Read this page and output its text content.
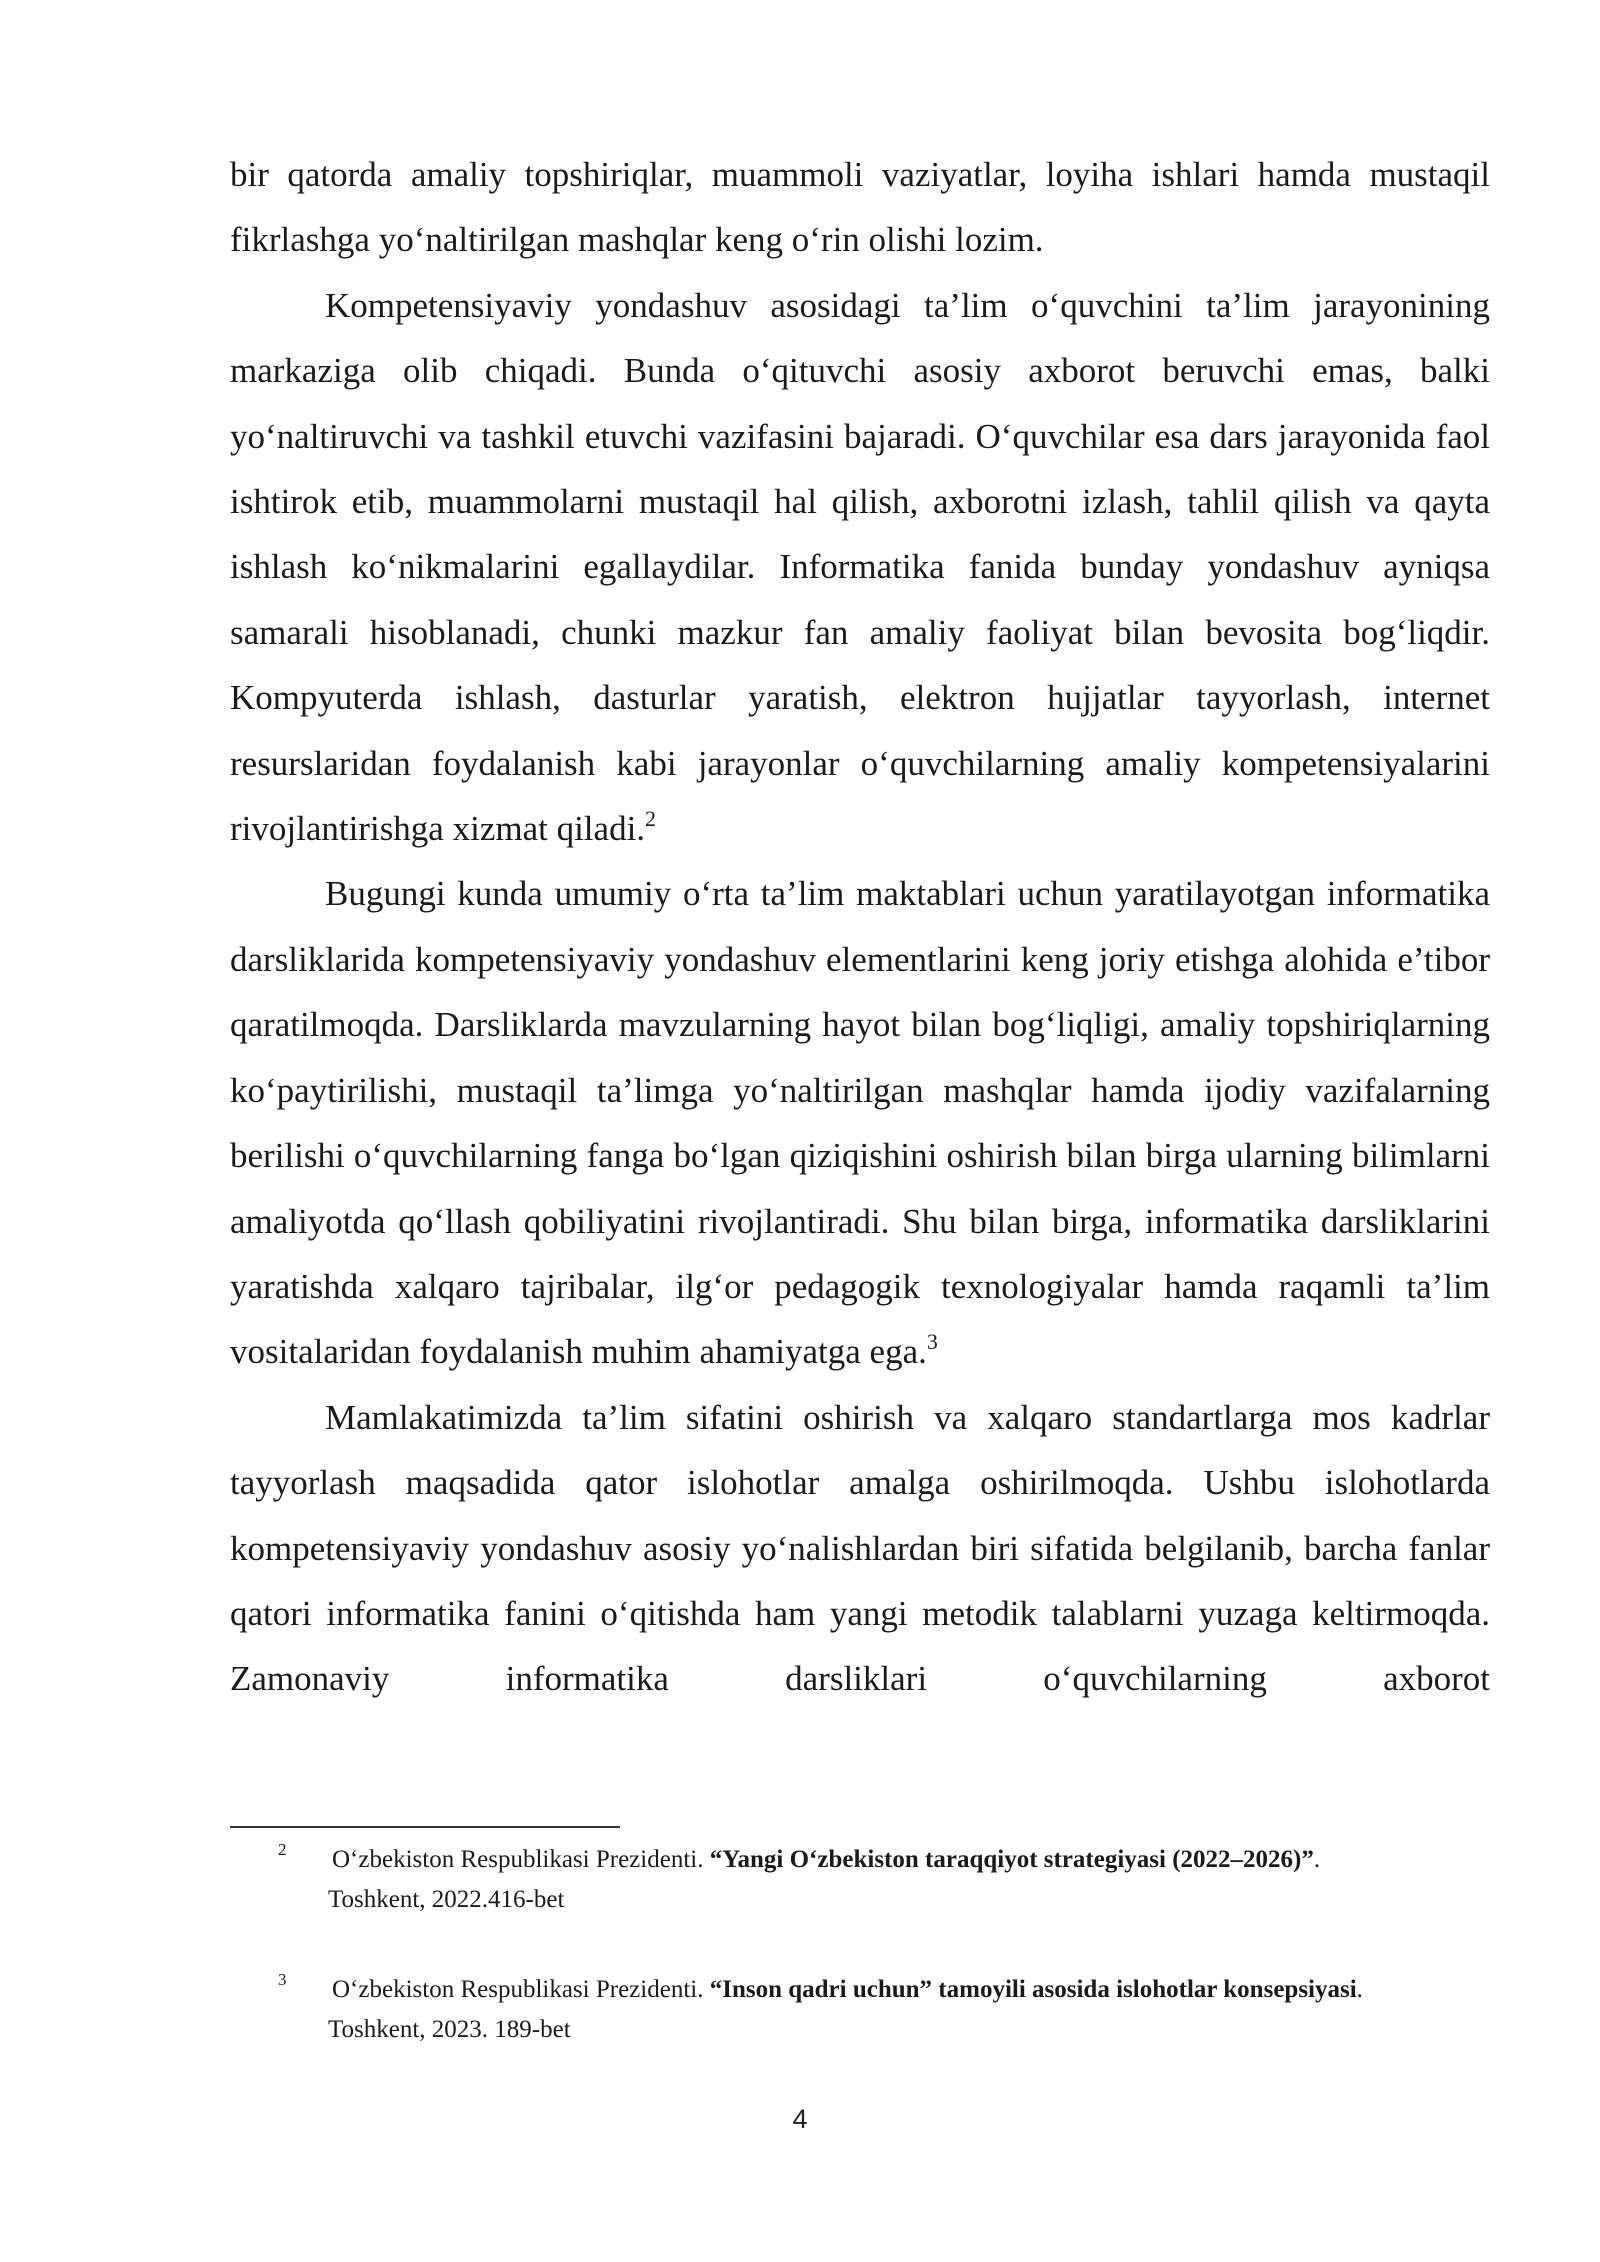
bir qatorda amaliy topshiriqlar, muammoli vaziyatlar, loyiha ishlari hamda mustaqil fikrlashga yo‘naltirilgan mashqlar keng o‘rin olishi lozim.

Kompetensiyaviy yondashuv asosidagi ta’lim o‘quvchini ta’lim jarayonining markaziga olib chiqadi. Bunda o‘qituvchi asosiy axborot beruvchi emas, balki yo‘naltiruvchi va tashkil etuvchi vazifasini bajaradi. O‘quvchilar esa dars jarayonida faol ishtirok etib, muammolarni mustaqil hal qilish, axborotni izlash, tahlil qilish va qayta ishlash ko‘nikmalarini egallaydilar. Informatika fanida bunday yondashuv ayniqsa samarali hisoblanadi, chunki mazkur fan amaliy faoliyat bilan bevosita bog‘liqdir. Kompyuterda ishlash, dasturlar yaratish, elektron hujjatlar tayyorlash, internet resurslaridan foydalanish kabi jarayonlar o‘quvchilarning amaliy kompetensiyalarini rivojlantirishga xizmat qiladi.$^2$

Bugungi kunda umumiy o‘rta ta’lim maktablari uchun yaratilayotgan informatika darsliklarida kompetensiyaviy yondashuv elementlarini keng joriy etishga alohida e’tibor qaratilmoqda. Darsliklarda mavzularning hayot bilan bog‘liqligi, amaliy topshiriqlarning ko‘paytirilishi, mustaqil ta’limga yo‘naltirilgan mashqlar hamda ijodiy vazifalarning berilishi o‘quvchilarning fanga bo‘lgan qiziqishini oshirish bilan birga ularning bilimlarni amaliyotda qo‘llash qobiliyatini rivojlantiradi. Shu bilan birga, informatika darsliklarini yaratishda xalqaro tajribalar, ilg‘or pedagogik texnologiyalar hamda raqamli ta’lim vositalaridan foydalanish muhim ahamiyatga ega.$^3$

Mamlakatimizda ta’lim sifatini oshirish va xalqaro standartlarga mos kadrlar tayyorlash maqsadida qator islohotlar amalga oshirilmoqda. Ushbu islohotlarda kompetensiyaviy yondashuv asosiy yo‘nalishlardan biri sifatida belgilanib, barcha fanlar qatori informatika fanini o‘qitishda ham yangi metodik talablarni yuzaga keltirmoqda. Zamonaviy informatika darsliklari o‘quvchilarning axborot

2 O‘zbekiston Respublikasi Prezidenti. “Yangi O‘zbekiston taraqqiyot strategiyasi (2022–2026)”.
Toshkent, 2022.416-bet
3 O‘zbekiston Respublikasi Prezidenti. “Inson qadri uchun” tamoyili asosida islohotlar konsepsiyasi.
Toshkent, 2023. 189-bet
4
